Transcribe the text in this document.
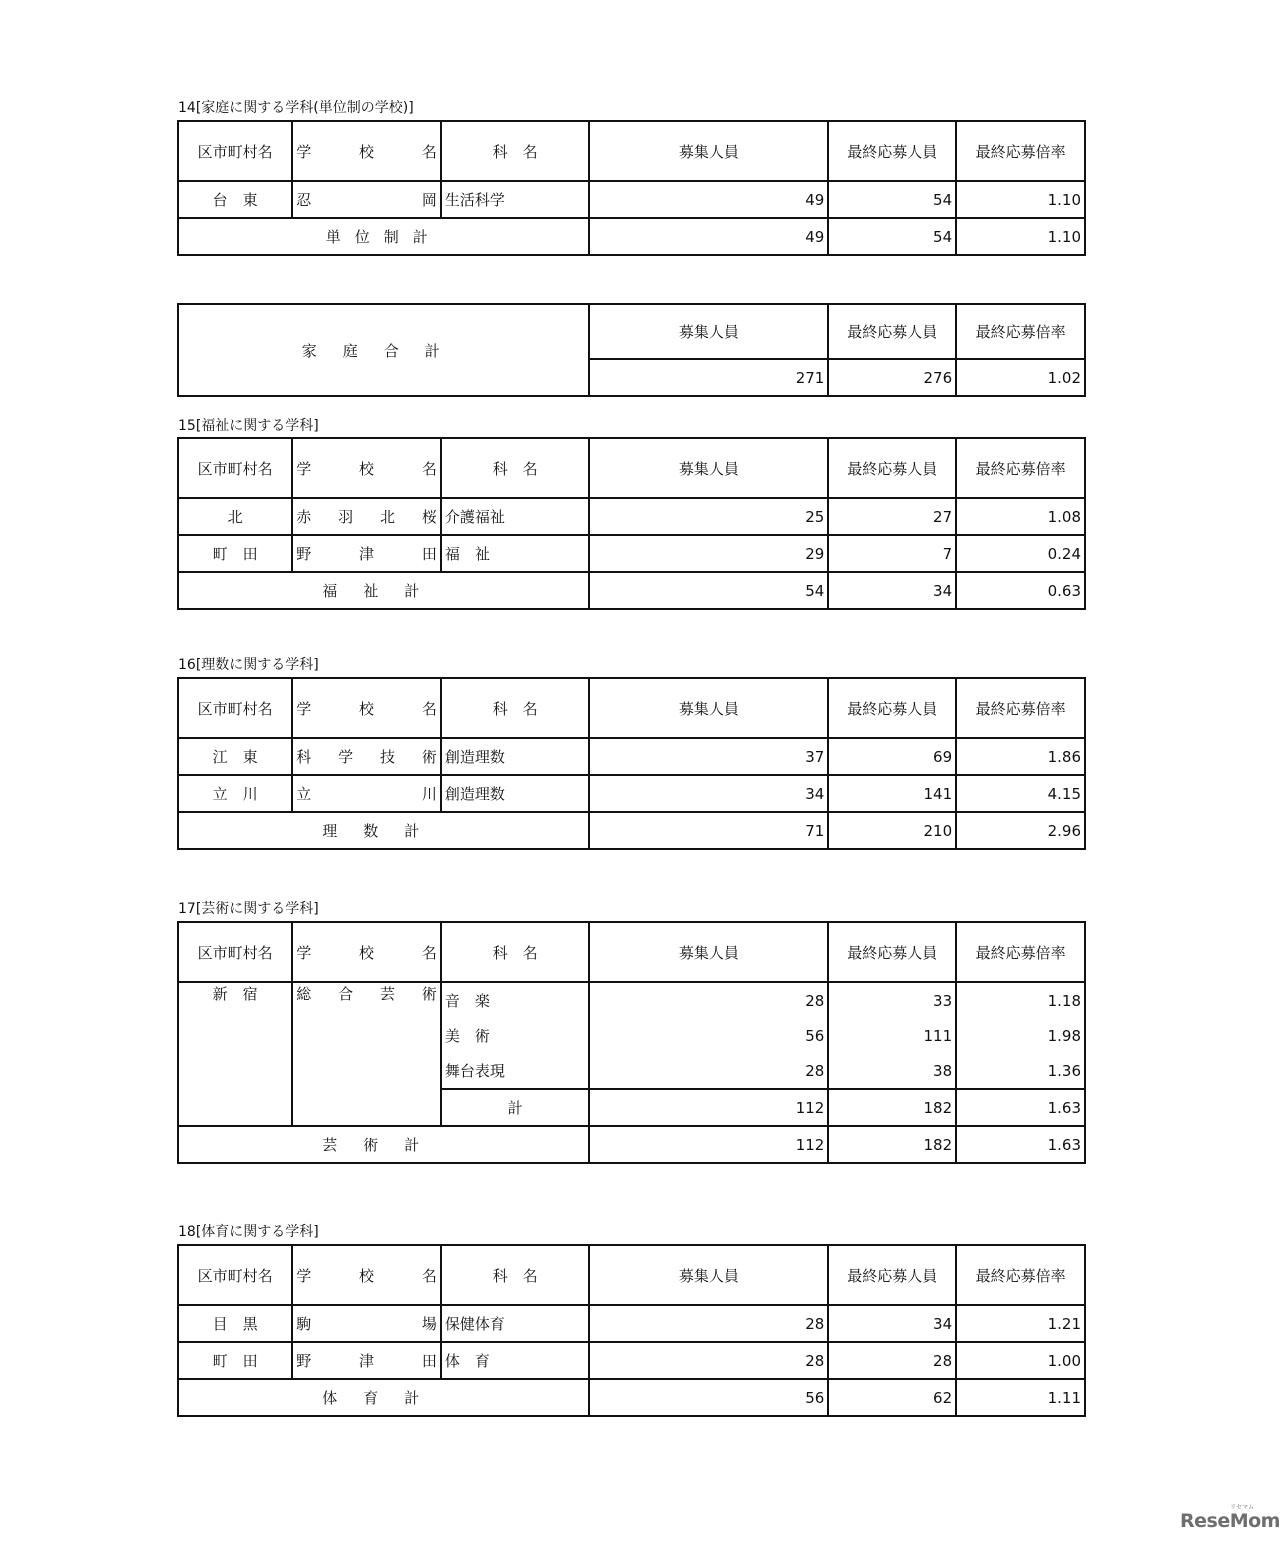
14[家庭に関する学科(単位制の学校)]
区市町村名	学 校 名	科　名	募集人員	最終応募人員	最終応募倍率
台　東	忍 岡	生活科学	49	54	1.10
単位制計			49	54	1.10
家庭合計	募集人員	最終応募人員	最終応募倍率
	271	276	1.02
15[福祉に関する学科]
区市町村名	学 校 名	科　名	募集人員	最終応募人員	最終応募倍率
北	赤 羽 北 桜	介護福祉	25	27	1.08
町　田	野 津 田	福　祉	29	7	0.24
福祉計			54	34	0.63
16[理数に関する学科]
区市町村名	学 校 名	科　名	募集人員	最終応募人員	最終応募倍率
江　東	科 学 技 術	創造理数	37	69	1.86
立　川	立 川	創造理数	34	141	4.15
理数計			71	210	2.96
17[芸術に関する学科]
区市町村名	学 校 名	科　名	募集人員	最終応募人員	最終応募倍率
新　宿	総 合 芸 術	音　楽	28	33	1.18
		美　術	56	111	1.98
		舞台表現	28	38	1.36
		計	112	182	1.63
芸術計			112	182	1.63
18[体育に関する学科]
区市町村名	学 校 名	科　名	募集人員	最終応募人員	最終応募倍率
目　黒	駒 場	保健体育	28	34	1.21
町　田	野 津 田	体　育	28	28	1.00
体育計			56	62	1.11
リセマム
ReseMom
